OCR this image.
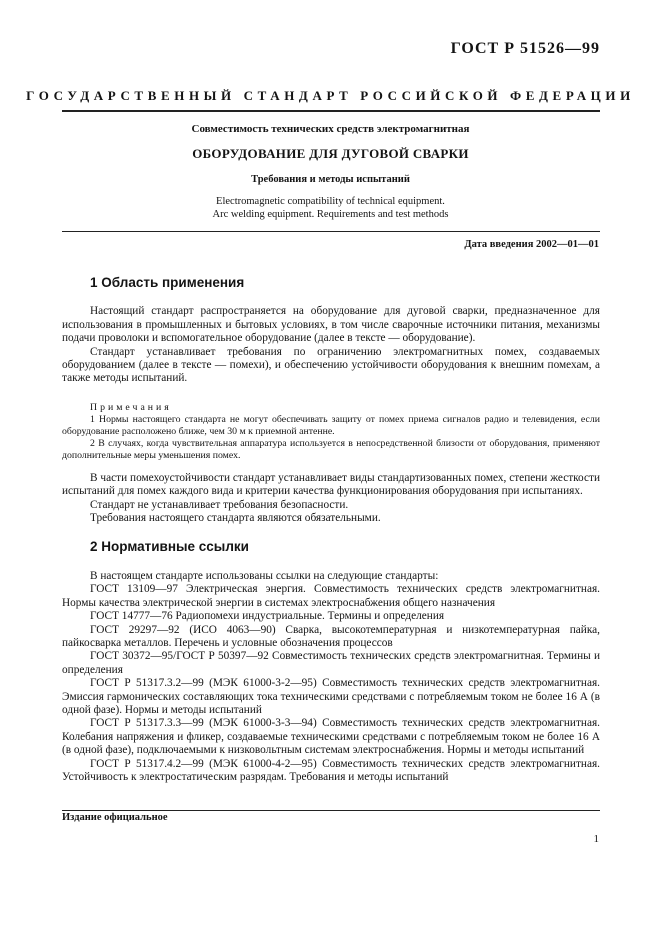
ГОСТ Р 51526—99
ГОСУДАРСТВЕННЫЙ СТАНДАРТ РОССИЙСКОЙ ФЕДЕРАЦИИ
Совместимость технических средств электромагнитная
ОБОРУДОВАНИЕ ДЛЯ ДУГОВОЙ СВАРКИ
Требования и методы испытаний
Electromagnetic compatibility of technical equipment.
Arc welding equipment. Requirements and test methods
Дата введения 2002—01—01
1 Область применения

Настоящий стандарт распространяется на оборудование для дуговой сварки, предназначенное для использования в промышленных и бытовых условиях, в том числе сварочные источники питания, механизмы подачи проволоки и вспомогательное оборудование (далее в тексте — оборудование).

Стандарт устанавливает требования по ограничению электромагнитных помех, создаваемых оборудованием (далее в тексте — помехи), и обеспечению устойчивости оборудования к внешним помехам, а также методы испытаний.

Примечания

1 Нормы настоящего стандарта не могут обеспечивать защиту от помех приема сигналов радио и телевидения, если оборудование расположено ближе, чем 30 м к приемной антенне.

2 В случаях, когда чувствительная аппаратура используется в непосредственной близости от оборудования, применяют дополнительные меры уменьшения помех.

В части помехоустойчивости стандарт устанавливает виды стандартизованных помех, степени жесткости испытаний для помех каждого вида и критерии качества функционирования оборудования при испытаниях.

Стандарт не устанавливает требования безопасности.

Требования настоящего стандарта являются обязательными.

2 Нормативные ссылки

В настоящем стандарте использованы ссылки на следующие стандарты:

ГОСТ 13109—97 Электрическая энергия. Совместимость технических средств электромагнитная. Нормы качества электрической энергии в системах электроснабжения общего назначения

ГОСТ 14777—76 Радиопомехи индустриальные. Термины и определения

ГОСТ 29297—92 (ИСО 4063—90) Сварка, высокотемпературная и низкотемпературная пайка, пайкосварка металлов. Перечень и условные обозначения процессов

ГОСТ 30372—95/ГОСТ Р 50397—92 Совместимость технических средств электромагнитная. Термины и определения

ГОСТ Р 51317.3.2—99 (МЭК 61000-3-2—95) Совместимость технических средств электромагнитная. Эмиссия гармонических составляющих тока техническими средствами с потребляемым током не более 16 А (в одной фазе). Нормы и методы испытаний

ГОСТ Р 51317.3.3—99 (МЭК 61000-3-3—94) Совместимость технических средств электромагнитная. Колебания напряжения и фликер, создаваемые техническими средствами с потребляемым током не более 16 А (в одной фазе), подключаемыми к низковольтным системам электроснабжения. Нормы и методы испытаний

ГОСТ Р 51317.4.2—99 (МЭК 61000-4-2—95) Совместимость технических средств электромагнитная. Устойчивость к электростатическим разрядам. Требования и методы испытаний

Издание официальное
1
